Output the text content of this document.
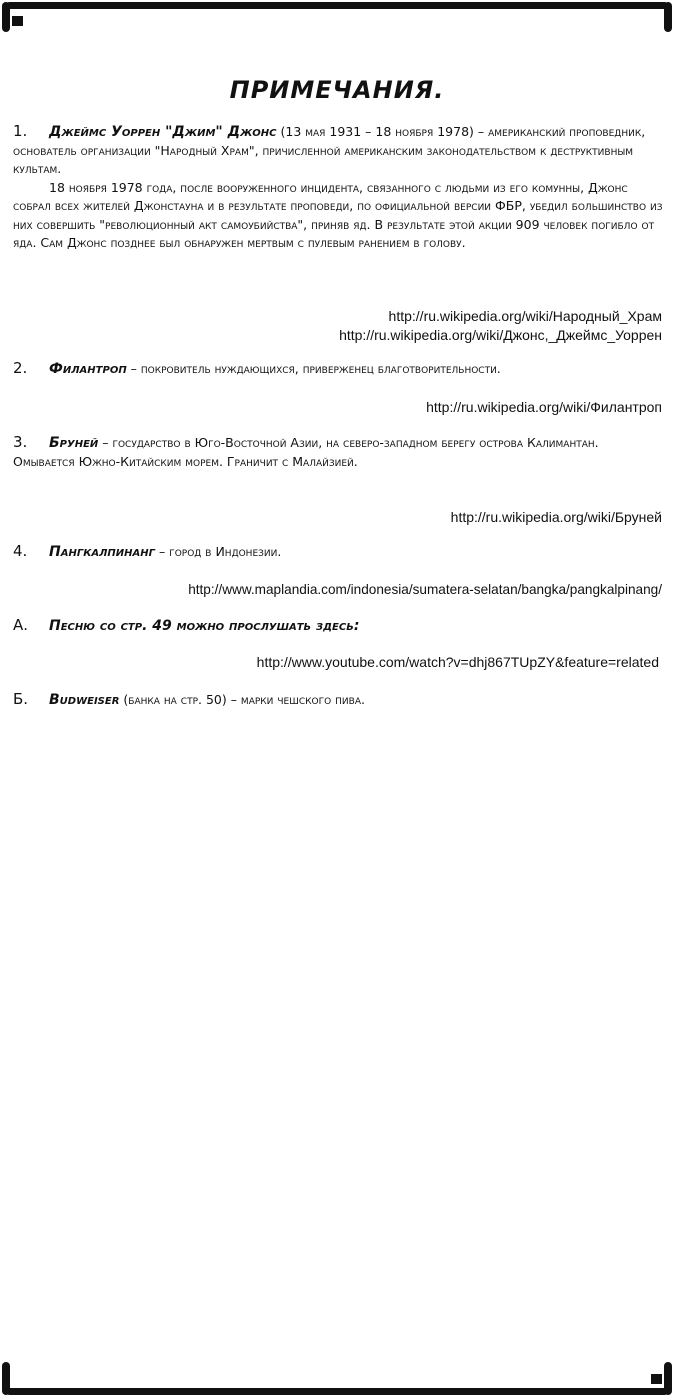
ПРИМЕЧАНИЯ.

1. Джеймс Уоррен "Джим" Джонс (13 мая 1931 – 18 ноября 1978) – американский проповедник, основатель организации "Народный Храм", причисленной американским законодательством к деструктивным культам.

18 ноября 1978 года, после вооруженного инцидента, связанного с людьми из его комунны, Джонс собрал всех жителей Джонстауна и в результате проповеди, по официальной версии ФБР, убедил большинство из них совершить "революционный акт самоубийства", приняв яд. В результате этой акции 909 человек погибло от яда. Сам Джонс позднее был обнаружен мертвым с пулевым ранением в голову.

http://ru.wikipedia.org/wiki/Народный_Храм
http://ru.wikipedia.org/wiki/Джонс,_Джеймс_Уоррен

2. Филантроп – покровитель нуждающихся, приверженец благотворительности.

http://ru.wikipedia.org/wiki/Филантроп

3. Бруней – государство в Юго-Восточной Азии, на северо-западном берегу острова Калимантан. Омывается Южно-Китайским морем. Граничит с Малайзией.

http://ru.wikipedia.org/wiki/Бруней

4. Пангкалпинанг – город в Индонезии.

http://www.maplandia.com/indonesia/sumatera-selatan/bangka/pangkalpinang/

А. Песню со стр. 49 можно прослушать здесь:

http://www.youtube.com/watch?v=dhj867TUpZY&feature=related

Б. Budweiser (банка на стр. 50) – марки чешского пива.
